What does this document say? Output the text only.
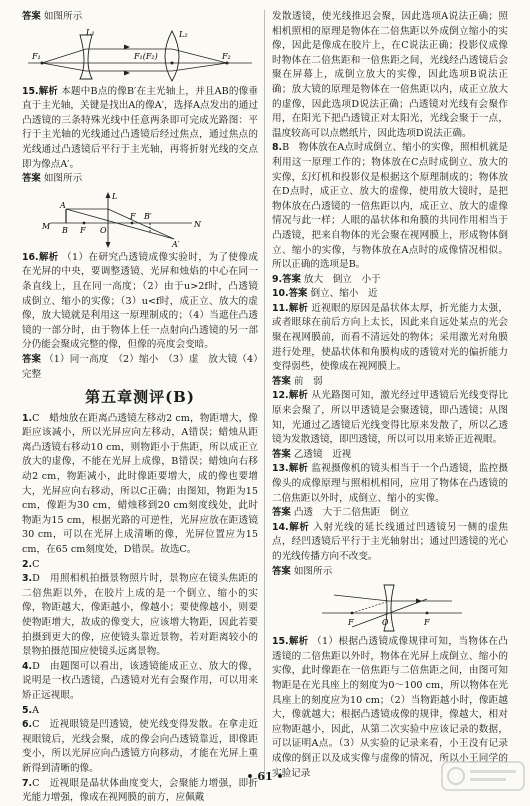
答案 如图所示

L₁
F₁	F₂
F₁(F₂)
L₂

15.解析 本题中B点的像B′在主光轴上，并且AB的像垂直于主光轴，关键是找出A的像A′，选择A点发出的通过凸透镜的三条特殊光线中任意两条即可完成光路图：平行于主光轴的光线通过凸透镜后经过焦点，通过焦点的光线通过凸透镜后平行于主光轴，再将折射光线的交点即为像点A′。

答案 如图所示

L
A
M B F O
B′
F
N
A′

16.解析 （1）在研究凸透镜成像实验时，为了使像成在光屏的中央，要调整透镜、光屏和烛焰的中心在同一条直线上，且在同一高度；（2）由于u>2f时，凸透镜成倒立、缩小的实像；（3）u<f时，成正立、放大的虚像，放大镜就是利用这一原理制成的；（4）当遮住凸透镜的一部分时，由于物体上任一点射向凸透镜的另一部分仍能会聚成完整的像，但像的亮度会变暗。

答案 （1）同一高度　（2）缩小　（3）虚　放大镜（4）完整

第五章测评(B)

1.C　蜡烛放在距离凸透镜左移动2 cm，物距增大，像距应该减小，所以光屏应向左移动，A错误；蜡烛从距离凸透镜右移动10 cm，则物距小于焦距，所以成正立放大的虚像，不能在光屏上成像，B错误；蜡烛向右移动2 cm，物距减小，此时像距要增大，成的像也要增大，光屏应向右移动，所以C正确；由图知，物距为15 cm，像距为30 cm，蜡烛移到20 cm刻度线处，此时物距为15 cm，根据光路的可逆性，光屏应放在距透镜30 cm，可以在光屏上成清晰的像，光屏位置应为15 cm，在65 cm刻度处，D错误。故选C。

2.C

3.D　用照相机拍摄景物照片时，景物应在镜头焦距的二倍焦距以外，在胶片上成的是一个倒立、缩小的实像，物距越大，像距越小，像越小；要使像越小，则要使物距增大，故成的像变大，应该增大物距，因此若要拍摄到更大的像，应使镜头靠近景物，若对距离较小的景物拍摄范围应使镜头远离景物。

4.D　由题图可以看出，该透镜能成正立、放大的像，说明是一枚凸透镜，凸透镜对光有会聚作用，可以用来矫正远视眼。

5.A

6.C　近视眼镜是凹透镜，使光线变得发散。在拿走近视眼镜后，光线会聚，成的像会向凸透镜靠近，即像距变小，所以光屏应向凸透镜方向移动，才能在光屏上重新得到清晰的像。

7.C　近视眼是晶状体曲度变大，会聚能力增强，即折光能力增强，像成在视网膜的前方，应佩戴

发散透镜，使光线推迟会聚，因此选项A说法正确；照相机照相的原理是物体在二倍焦距以外成倒立缩小的实像，因此是像成在胶片上，在C说法正确；投影仪成像时物体在二倍焦距和一倍焦距之间，光线经凸透镜后会聚在屏幕上，成倒立放大的实像，因此选项B说法正确；放大镜的原理是物体在一倍焦距以内，成正立放大的虚像，因此选项D说法正确；凸透镜对光线有会聚作用，在阳光下把凸透镜正对太阳光，光线会聚于一点，温度较高可以点燃纸片，因此选项D说法正确。

8.B　物体放在A点时成倒立、缩小的实像，照相机就是利用这一原理工作的；物体放在C点时成倒立、放大的实像，幻灯机和投影仪是根据这个原理制成的；物体放在D点时，成正立、放大的虚像，使用放大镜时，是把物体放在凸透镜的一倍焦距以内，成正立、放大的虚像情况与此一样；人眼的晶状体和角膜的共同作用相当于凸透镜，把来自物体的光会聚在视网膜上，形成物体倒立、缩小的实像，与物体放在A点时的成像情况相似。所以正确的选项是B。

9.答案 放大　倒立　小于

10.答案 倒立、缩小　近

11.解析 近视眼的原因是晶状体太厚，折光能力太强，或者眼球在前后方向上太长，因此来自远处某点的光会聚在视网膜前，而看不清远处的物体；采用激光对角膜进行处理，使晶状体和角膜构成的透镜对光的偏折能力变得弱些，使像成在视网膜上。

答案 前　弱

12.解析 从光路图可知，激光经过甲透镜后光线变得比原来会聚了，所以甲透镜是会聚透镜，即凸透镜；从图知，光通过乙透镜后光线变得比原来发散了，所以乙透镜为发散透镜，即凹透镜，所以可以用来矫正近视眼。

答案 乙透镜　近视

13.解析 监视摄像机的镜头相当于一个凸透镜，监控摄像头的成像原理与照相机相同，应用了物体在凸透镜的二倍焦距以外时，成倒立、缩小的实像。

答案 凸透　大于二倍焦距　倒立

14.解析 入射光线的延长线通过凹透镜另一侧的虚焦点，经凹透镜后平行于主光轴射出；通过凹透镜的光心的光线传播方向不改变。

答案 如图所示

F	O	F

15.解析 （1）根据凸透镜成像规律可知，当物体在凸透镜的二倍焦距以外时，物体在光屏上成倒立、缩小的实像，此时像距在一倍焦距与二倍焦距之间，由图可知物距是在光具座上的刻度为0～100 cm，所以物体在光具座上的刻度应为10 cm；（2）当物距越小时，像距越大，像就越大；根据凸透镜成像的规律，像越大，相对应物距越小，因此，从第二次实验中应该记录的数据，可以证明A点。（3）从实验的记录来看，小王没有记录成像的倒正以及成实像与虚像的情况，所以小王同学的实验记录

• 61 •
